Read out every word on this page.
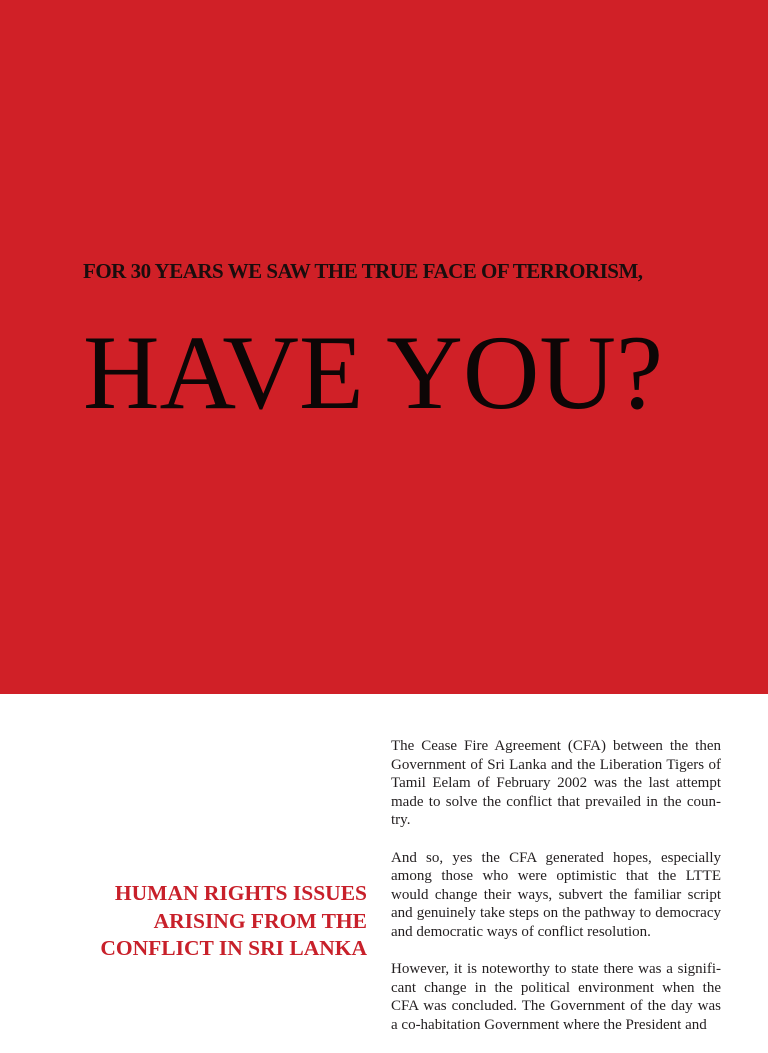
FOR 30 YEARS WE SAW THE TRUE FACE OF TERRORISM,
HAVE YOU?
HUMAN RIGHTS ISSUES
ARISING FROM THE
CONFLICT IN SRI LANKA

The Cease Fire Agreement (CFA) between the then Government of Sri Lanka and the Liberation Tigers of Tamil Eelam of February 2002 was the last attempt made to solve the conflict that prevailed in the country.

And so, yes the CFA generated hopes, especially among those who were optimistic that the LTTE would change their ways, subvert the familiar script and genuinely take steps on the pathway to democracy and democratic ways of conflict resolution.

However, it is noteworthy to state there was a significant change in the political environment when the CFA was concluded. The Government of the day was a co-habitation Government where the President and
